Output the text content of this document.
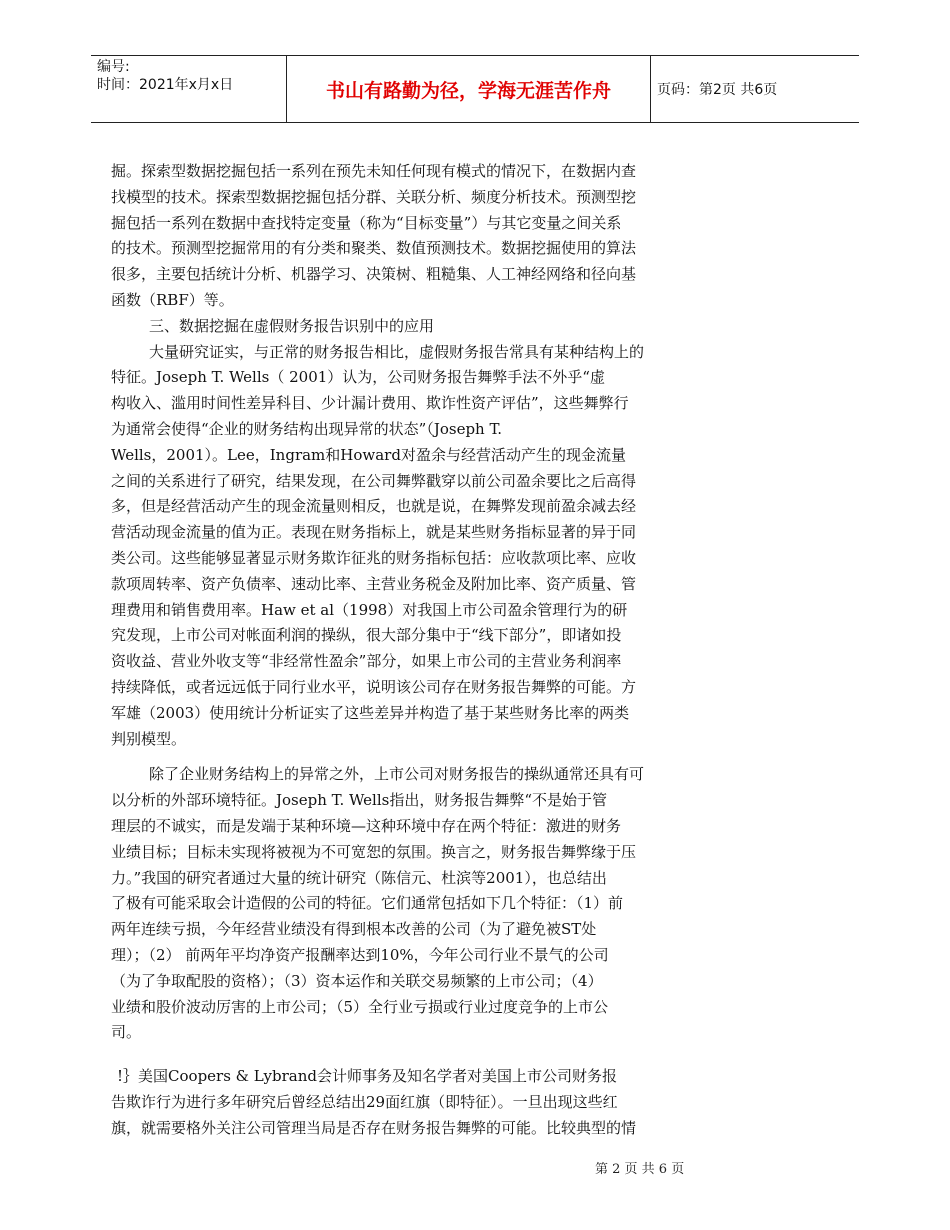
编号:
时间：2021年x月x日	书山有路勤为径，学海无涯苦作舟	页码：第2页 共6页

掘。探索型数据挖掘包括一系列在预先未知任何现有模式的情况下，在数据内查

找模型的技术。探索型数据挖掘包括分群、关联分析、频度分析技术。预测型挖

掘包括一系列在数据中查找特定变量（称为“目标变量”）与其它变量之间关系

的技术。预测型挖掘常用的有分类和聚类、数值预测技术。数据挖掘使用的算法

很多，主要包括统计分析、机器学习、决策树、粗糙集、人工神经网络和径向基

函数（RBF）等。

三、数据挖掘在虚假财务报告识别中的应用

大量研究证实，与正常的财务报告相比，虚假财务报告常具有某种结构上的

特征。Joseph T. Wells（ 2001）认为，公司财务报告舞弊手法不外乎“虚

构收入、滥用时间性差异科目、少计漏计费用、欺诈性资产评估”，这些舞弊行

为通常会使得“企业的财务结构出现异常的状态”（Joseph T.

Wells，2001）。Lee，Ingram和Howard对盈余与经营活动产生的现金流量

之间的关系进行了研究，结果发现，在公司舞弊戳穿以前公司盈余要比之后高得

多，但是经营活动产生的现金流量则相反，也就是说，在舞弊发现前盈余减去经

营活动现金流量的值为正。表现在财务指标上，就是某些财务指标显著的异于同

类公司。这些能够显著显示财务欺诈征兆的财务指标包括：应收款项比率、应收

款项周转率、资产负债率、速动比率、主营业务税金及附加比率、资产质量、管

理费用和销售费用率。Haw et al（1998）对我国上市公司盈余管理行为的研

究发现，上市公司对帐面利润的操纵，很大部分集中于“线下部分”，即诸如投

资收益、营业外收支等“非经常性盈余”部分，如果上市公司的主营业务利润率

持续降低，或者远远低于同行业水平，说明该公司存在财务报告舞弊的可能。方

军雄（2003）使用统计分析证实了这些差异并构造了基于某些财务比率的两类

判别模型。

除了企业财务结构上的异常之外，上市公司对财务报告的操纵通常还具有可

以分析的外部环境特征。Joseph T. Wells指出，财务报告舞弊“不是始于管

理层的不诚实，而是发端于某种环境—这种环境中存在两个特征：激进的财务

业绩目标；目标未实现将被视为不可宽恕的氛围。换言之，财务报告舞弊缘于压

力。”我国的研究者通过大量的统计研究（陈信元、杜滨等2001），也总结出

了极有可能采取会计造假的公司的特征。它们通常包括如下几个特征：（1）前

两年连续亏损，今年经营业绩没有得到根本改善的公司（为了避免被ST处

理）；（2） 前两年平均净资产报酬率达到10%，今年公司行业不景气的公司

（为了争取配股的资格）；（3）资本运作和关联交易频繁的上市公司；（4）

业绩和股价波动厉害的上市公司；（5）全行业亏损或行业过度竞争的上市公

司。

!｝美国Coopers & Lybrand会计师事务及知名学者对美国上市公司财务报

告欺诈行为进行多年研究后曾经总结出29面红旗（即特征）。一旦出现这些红

旗，就需要格外关注公司管理当局是否存在财务报告舞弊的可能。比较典型的情

第 2 页 共 6 页
